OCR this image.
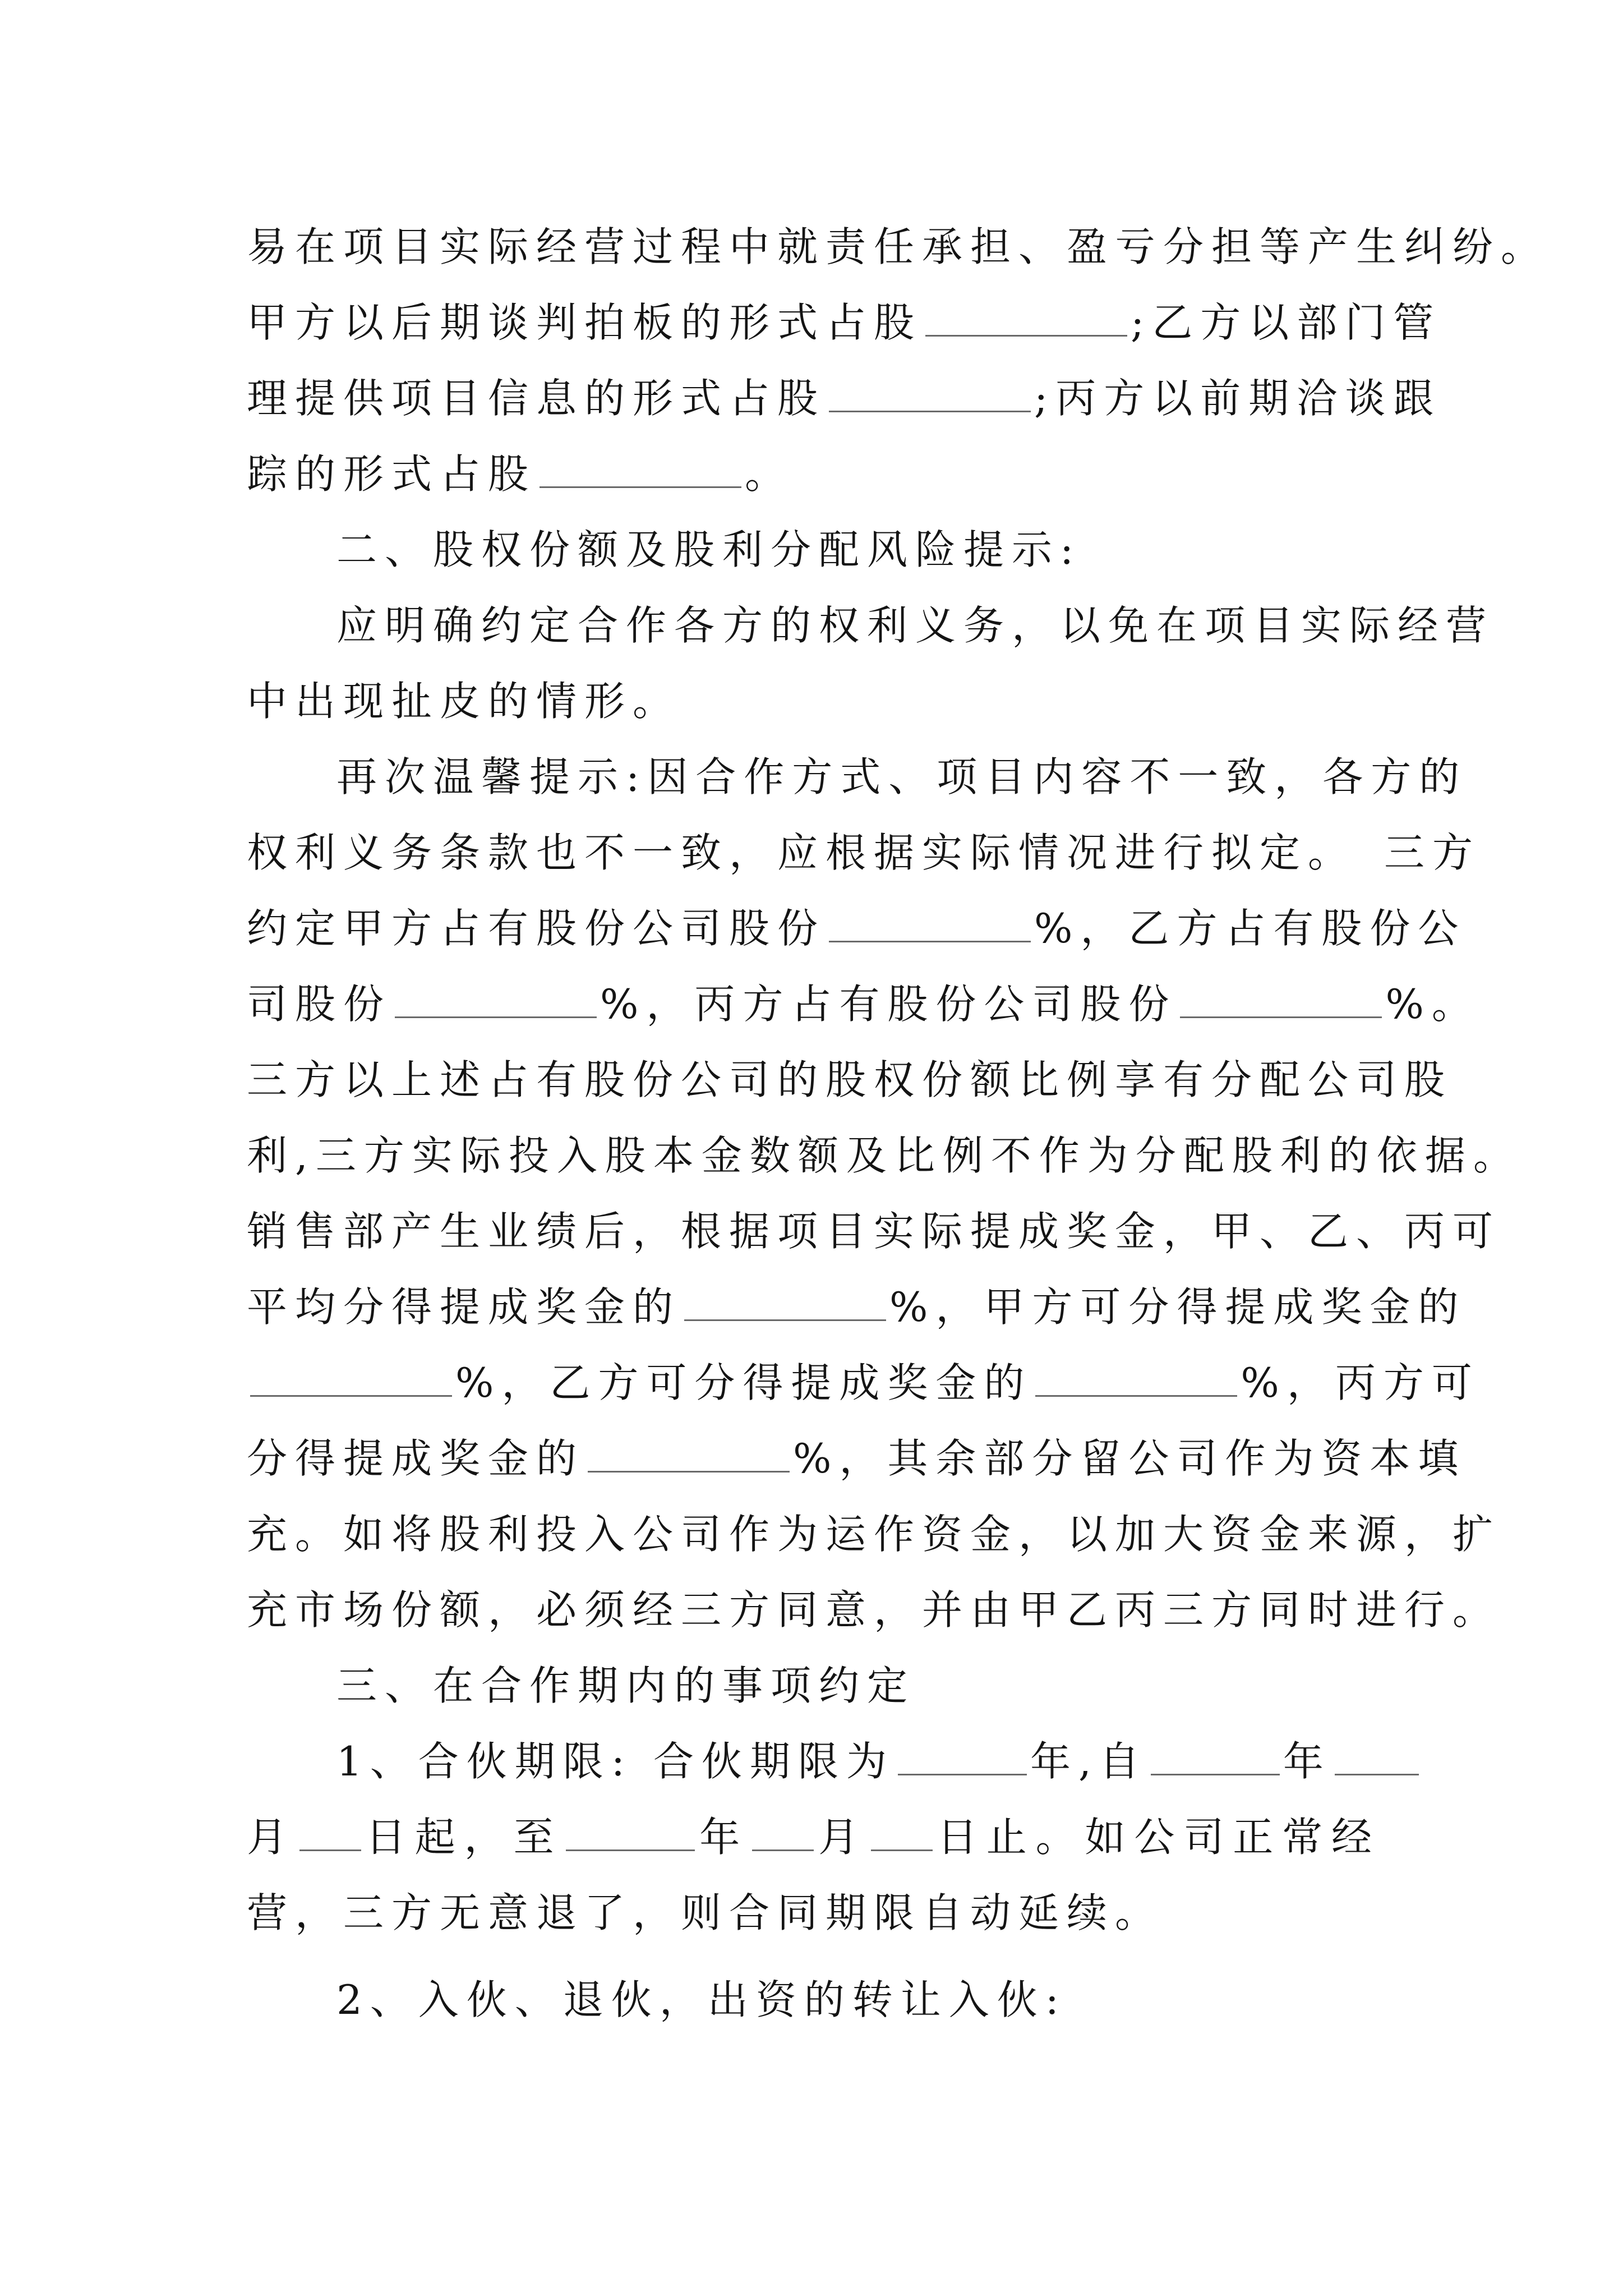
易在项目实际经营过程中就责任承担、盈亏分担等产生纠纷。
甲方以后期谈判拍板的形式占股	;乙方以部门管
理提供项目信息的形式占股	;丙方以前期洽谈跟
踪的形式占股	。
二、股权份额及股利分配风险提示:
应明确约定合作各方的权利义务，以免在项目实际经营
中出现扯皮的情形。
再次温馨提示:因合作方式、项目内容不一致，各方的
权利义务条款也不一致，应根据实际情况进行拟定。　三方
约定甲方占有股份公司股份	%，乙方占有股份公
司股份	%，丙方占有股份公司股份	%。
三方以上述占有股份公司的股权份额比例享有分配公司股
利,三方实际投入股本金数额及比例不作为分配股利的依据。
销售部产生业绩后，根据项目实际提成奖金，甲、乙、丙可
平均分得提成奖金的	%，甲方可分得提成奖金的
%，乙方可分得提成奖金的	%，丙方可
分得提成奖金的	%，其余部分留公司作为资本填
充。如将股利投入公司作为运作资金，以加大资金来源，扩
充市场份额，必须经三方同意，并由甲乙丙三方同时进行。
三、在合作期内的事项约定
1、合伙期限: 合伙期限为	年,自	年
月 日起，至	年 月 日止。如公司正常经
营，三方无意退了，则合同期限自动延续。
2、入伙、退伙，出资的转让入伙:
